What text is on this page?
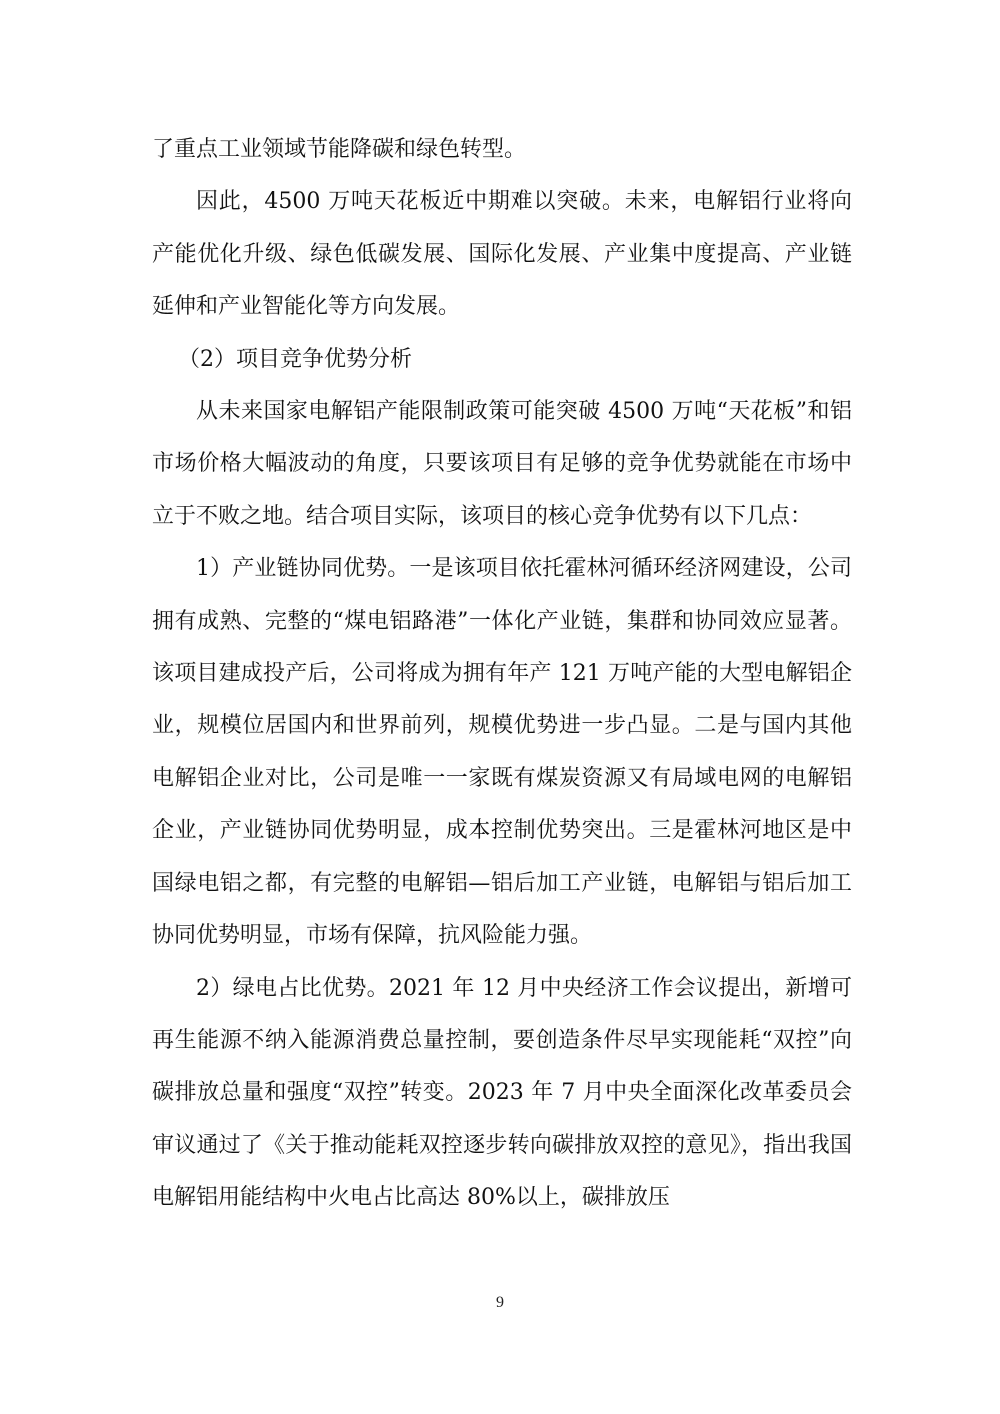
了重点工业领域节能降碳和绿色转型。

因此，4500 万吨天花板近中期难以突破。未来，电解铝行业将向产能优化升级、绿色低碳发展、国际化发展、产业集中度提高、产业链延伸和产业智能化等方向发展。

（2）项目竞争优势分析

从未来国家电解铝产能限制政策可能突破 4500 万吨“天花板”和铝市场价格大幅波动的角度，只要该项目有足够的竞争优势就能在市场中立于不败之地。结合项目实际，该项目的核心竞争优势有以下几点：

1）产业链协同优势。一是该项目依托霍林河循环经济网建设，公司拥有成熟、完整的“煤电铝路港”一体化产业链，集群和协同效应显著。该项目建成投产后，公司将成为拥有年产 121 万吨产能的大型电解铝企业，规模位居国内和世界前列，规模优势进一步凸显。二是与国内其他电解铝企业对比，公司是唯一一家既有煤炭资源又有局域电网的电解铝企业，产业链协同优势明显，成本控制优势突出。三是霍林河地区是中国绿电铝之都，有完整的电解铝—铝后加工产业链，电解铝与铝后加工协同优势明显，市场有保障，抗风险能力强。

2）绿电占比优势。2021 年 12 月中央经济工作会议提出，新增可再生能源不纳入能源消费总量控制，要创造条件尽早实现能耗“双控”向碳排放总量和强度“双控”转变。2023 年 7 月中央全面深化改革委员会审议通过了《关于推动能耗双控逐步转向碳排放双控的意见》，指出我国电解铝用能结构中火电占比高达 80%以上，碳排放压

9
